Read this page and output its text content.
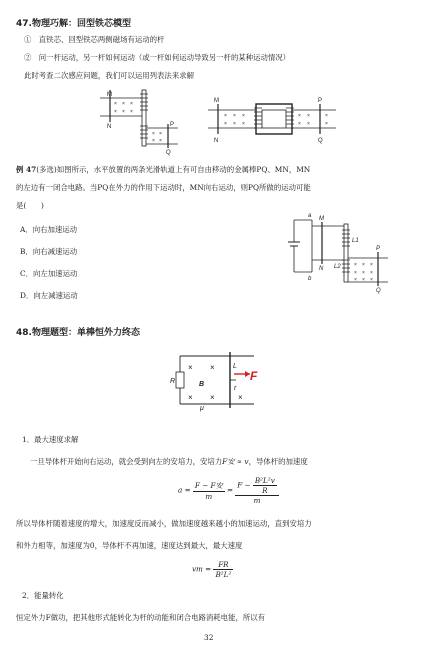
47.物理巧解：回型铁芯模型
①　直铁芯、回型铁芯两侧磁场有运动的杆
②　问一杆运动，另一杆如何运动（或一杆如何运动导致另一杆的某种运动情况）
此时考查二次感应问题，我们可以运用列表法来求解
× × ×
× × ×
× ×
× ×
M
N	P
Q
× × ×
× × ×
× ×	×
× ×	×
M
N
P
Q
例 47(多选)如图所示，水平放置的两条光滑轨道上有可自由移动的金属棒PQ、MN，MN
的左边有一闭合电路。当PQ在外力的作用下运动时，MN向右运动，则PQ所做的运动可能
是(　　)
A．向右加速运动
B．向右减速运动
C．向左加速运动
D．向左减速运动
× × ×
× × ×
× × ×
a
b
M
N
L1
L2
P
Q
48.物理题型：单棒恒外力终态
× ×
× ×	×
R	B
L
r
μ
F
1．最大速度求解
一旦导体杆开始向右运动，就会受到向左的安培力，安培力F安 ∝ v，导体杆的加速度
$a = \frac{\text{F − F安}}{m} = \frac{F - \frac{\text{B²L²v}}{R}}{m}$
所以导体杆随着速度的增大，加速度反而减小，做加速度越来越小的加速运动，直到安培力
和外力相等，加速度为0，导体杆不再加速，速度达到最大，最大速度
vm = $\frac{FR}{\text{B²L²}}$
2．能量转化
恒定外力F做功，把其他形式能转化为杆的动能和闭合电路消耗电能，所以有
32
